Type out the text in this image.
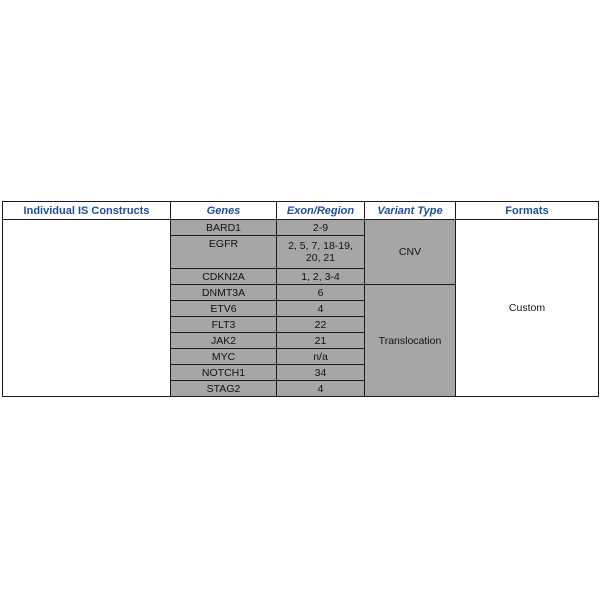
Individual IS Constructs	Genes	Exon/Region	Variant Type	Formats
	BARD1	2-9	CNV	Custom
	EGFR	2, 5, 7, 18-19,
20, 21		

	CDKN2A	1, 2, 3-4		
	DNMT3A	6	Translocation	
	ETV6	4		
	FLT3	22		
	JAK2	21		
	MYC	n/a		
	NOTCH1	34		
	STAG2	4		
